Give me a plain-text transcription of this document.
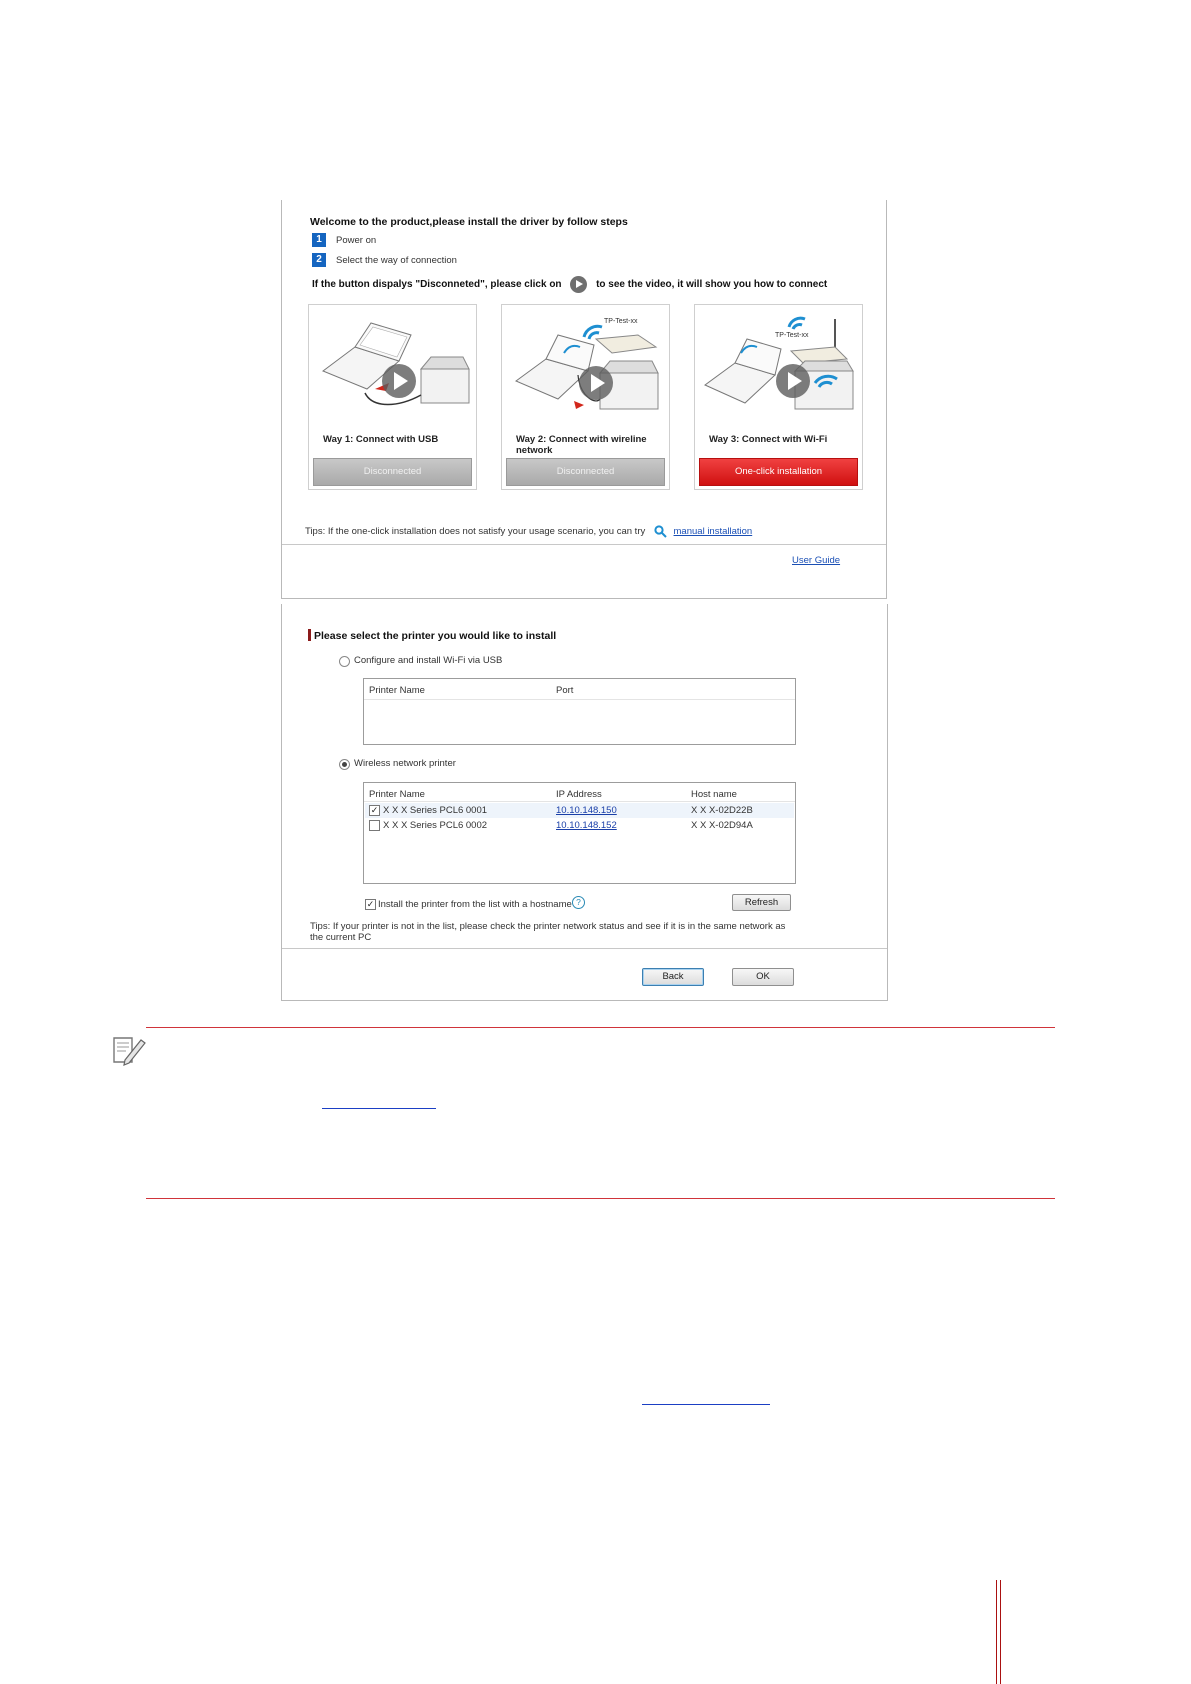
Welcome to the product,please install the driver by follow steps
1	Power on
2	Select the way of connection
If the button dispalys "Disconneted", please click on	to see the video, it will show you how to connect
Way 1: Connect with USB
Disconnected
TP-Test-xx
Way 2: Connect with wireline network
Disconnected
TP-Test-xx
Way 3: Connect with Wi-Fi
One-click installation
Tips: If the one-click installation does not satisfy your usage scenario, you can try	manual installation
User Guide
Please select the printer you would like to install
Configure and install Wi-Fi via USB
Printer Name	Port
Wireless network printer
Printer Name	IP Address	Host name
✓ X X X Series PCL6 0001	10.10.148.150	X X X-02D22B
X X X Series PCL6 0002	10.10.148.152	X X X-02D94A
✓ Install the printer from the list with a hostname ?	Refresh
Tips: If your printer is not in the list, please check the printer network status and see if it is in the same network as the current PC
Back	OK
